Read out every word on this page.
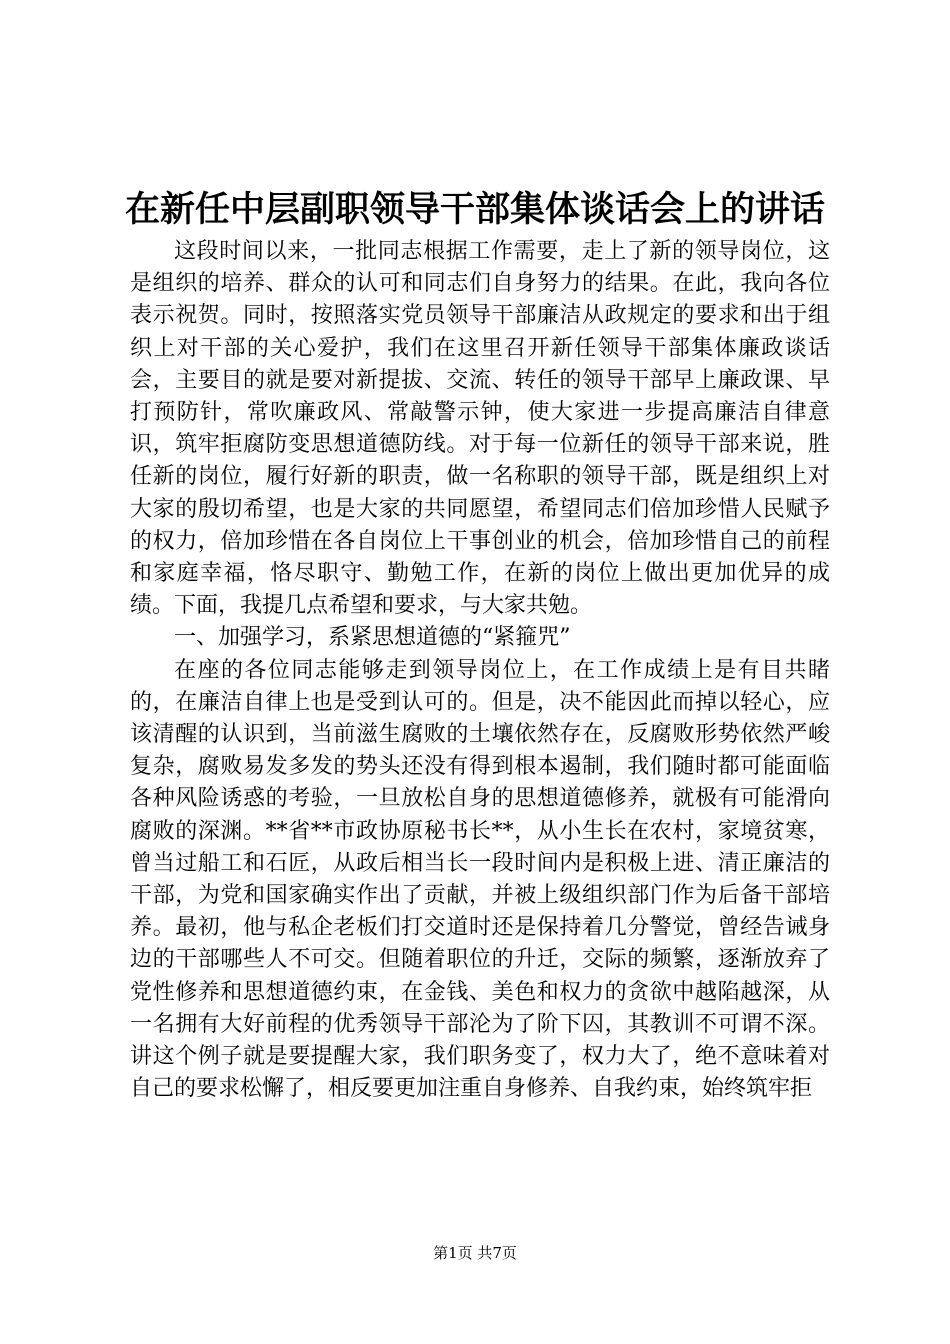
在新任中层副职领导干部集体谈话会上的讲话

这段时间以来，一批同志根据工作需要，走上了新的领导岗位，这是组织的培养、群众的认可和同志们自身努力的结果。在此，我向各位表示祝贺。同时，按照落实党员领导干部廉洁从政规定的要求和出于组织上对干部的关心爱护，我们在这里召开新任领导干部集体廉政谈话会，主要目的就是要对新提拔、交流、转任的领导干部早上廉政课、早打预防针，常吹廉政风、常敲警示钟，使大家进一步提高廉洁自律意识，筑牢拒腐防变思想道德防线。对于每一位新任的领导干部来说，胜任新的岗位，履行好新的职责，做一名称职的领导干部，既是组织上对大家的殷切希望，也是大家的共同愿望，希望同志们倍加珍惜人民赋予的权力，倍加珍惜在各自岗位上干事创业的机会，倍加珍惜自己的前程和家庭幸福，恪尽职守、勤勉工作，在新的岗位上做出更加优异的成绩。下面，我提几点希望和要求，与大家共勉。

一、加强学习，系紧思想道德的“紧箍咒”

在座的各位同志能够走到领导岗位上，在工作成绩上是有目共睹的，在廉洁自律上也是受到认可的。但是，决不能因此而掉以轻心，应该清醒的认识到，当前滋生腐败的土壤依然存在，反腐败形势依然严峻复杂，腐败易发多发的势头还没有得到根本遏制，我们随时都可能面临各种风险诱惑的考验，一旦放松自身的思想道德修养，就极有可能滑向腐败的深渊。**省**市政协原秘书长**，从小生长在农村，家境贫寒，曾当过船工和石匠，从政后相当长一段时间内是积极上进、清正廉洁的干部，为党和国家确实作出了贡献，并被上级组织部门作为后备干部培养。最初，他与私企老板们打交道时还是保持着几分警觉，曾经告诫身边的干部哪些人不可交。但随着职位的升迁，交际的频繁，逐渐放弃了党性修养和思想道德约束，在金钱、美色和权力的贪欲中越陷越深，从一名拥有大好前程的优秀领导干部沦为了阶下囚，其教训不可谓不深。讲这个例子就是要提醒大家，我们职务变了，权力大了，绝不意味着对自己的要求松懈了，相反要更加注重自身修养、自我约束，始终筑牢拒

第1页 共7页
